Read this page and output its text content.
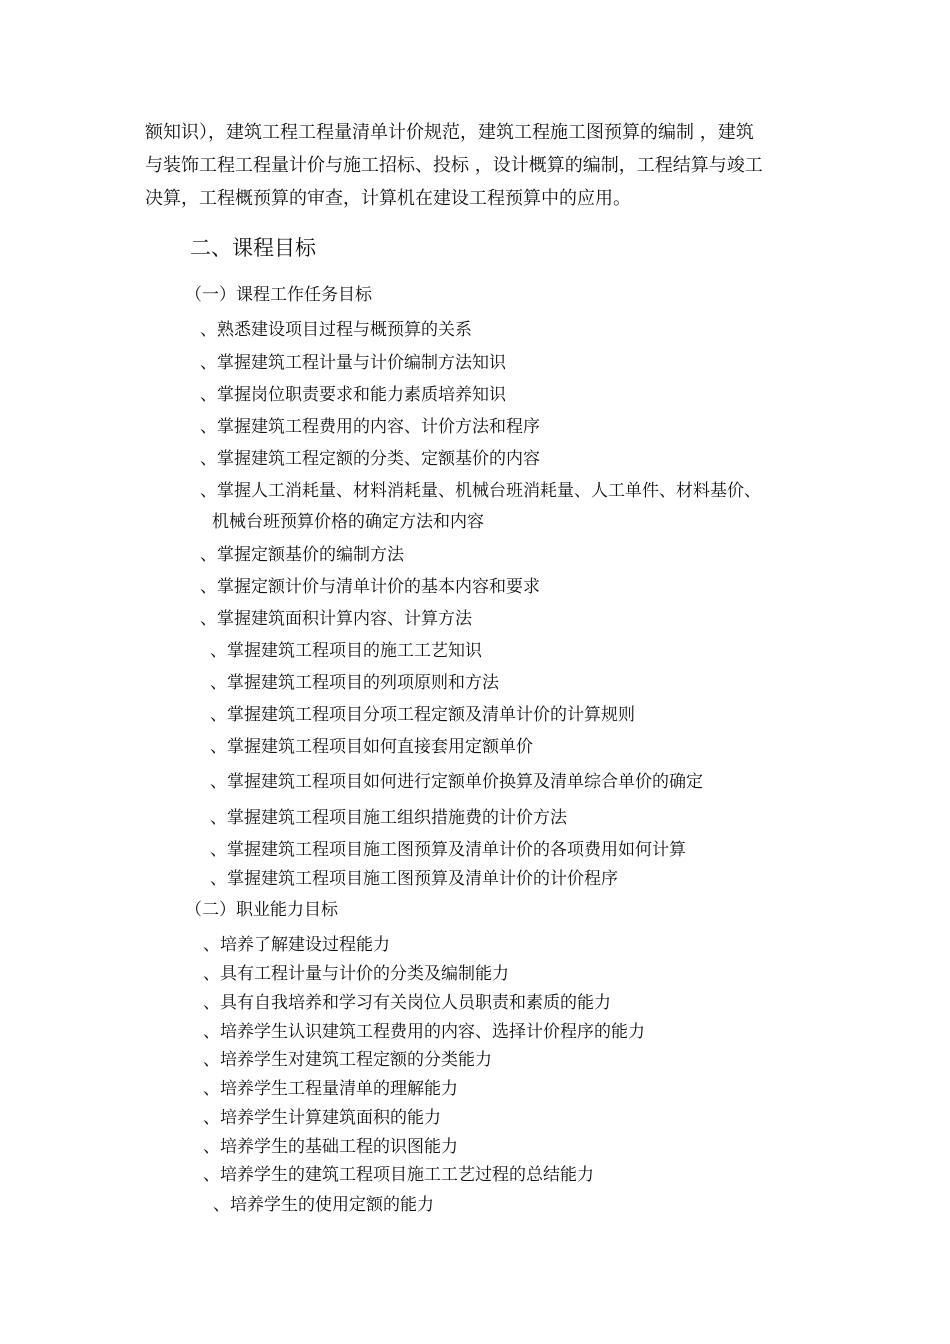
额知识），建筑工程工程量清单计价规范，建筑工程施工图预算的编制 ，建筑
与装饰工程工程量计价与施工招标、投标 ，设计概算的编制，工程结算与竣工
决算，工程概预算的审查，计算机在建设工程预算中的应用。
二、课程目标
（一）课程工作任务目标
、熟悉建设项目过程与概预算的关系
、掌握建筑工程计量与计价编制方法知识
、掌握岗位职责要求和能力素质培养知识
、掌握建筑工程费用的内容、计价方法和程序
、掌握建筑工程定额的分类、定额基价的内容
、掌握人工消耗量、材料消耗量、机械台班消耗量、人工单件、材料基价、
机械台班预算价格的确定方法和内容
、掌握定额基价的编制方法
、掌握定额计价与清单计价的基本内容和要求
、掌握建筑面积计算内容、计算方法
、掌握建筑工程项目的施工工艺知识
、掌握建筑工程项目的列项原则和方法
、掌握建筑工程项目分项工程定额及清单计价的计算规则
、掌握建筑工程项目如何直接套用定额单价
、掌握建筑工程项目如何进行定额单价换算及清单综合单价的确定
、掌握建筑工程项目施工组织措施费的计价方法
、掌握建筑工程项目施工图预算及清单计价的各项费用如何计算
、掌握建筑工程项目施工图预算及清单计价的计价程序
（二）职业能力目标
、培养了解建设过程能力
、具有工程计量与计价的分类及编制能力
、具有自我培养和学习有关岗位人员职责和素质的能力
、培养学生认识建筑工程费用的内容、选择计价程序的能力
、培养学生对建筑工程定额的分类能力
、培养学生工程量清单的理解能力
、培养学生计算建筑面积的能力
、培养学生的基础工程的识图能力
、培养学生的建筑工程项目施工工艺过程的总结能力
、培养学生的使用定额的能力
